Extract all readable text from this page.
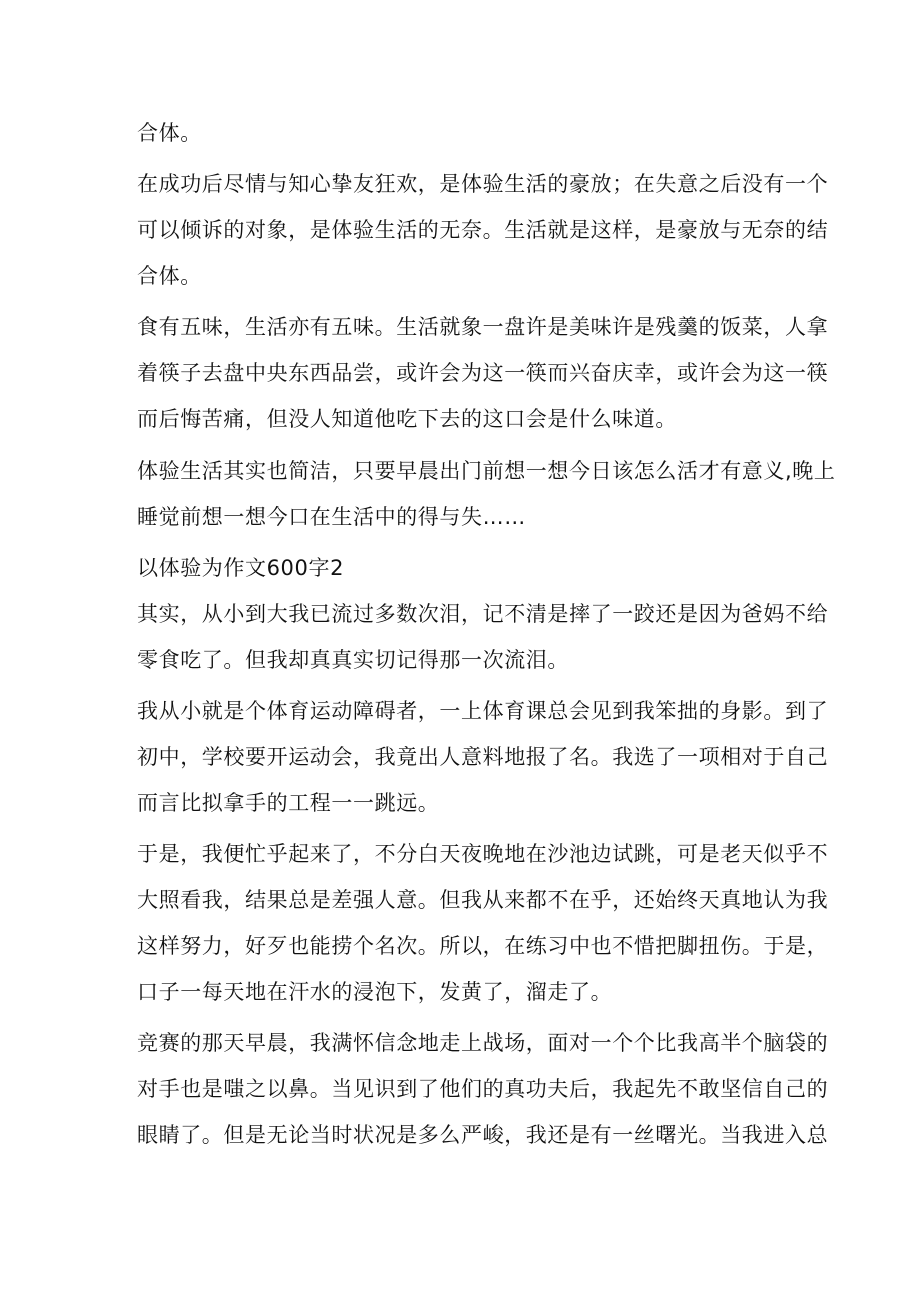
合体。
在成功后尽情与知心挚友狂欢，是体验生活的豪放；在失意之后没有一个
可以倾诉的对象，是体验生活的无奈。生活就是这样，是豪放与无奈的结
合体。
食有五味，生活亦有五味。生活就象一盘许是美味许是残羹的饭菜，人拿
着筷子去盘中央东西品尝，或许会为这一筷而兴奋庆幸，或许会为这一筷
而后悔苦痛，但没人知道他吃下去的这口会是什么味道。
体验生活其实也简洁，只要早晨出门前想一想今日该怎么活才有意义,晚上
睡觉前想一想今口在生活中的得与失……
以体验为作文600字2
其实，从小到大我已流过多数次泪，记不清是摔了一跤还是因为爸妈不给
零食吃了。但我却真真实切记得那一次流泪。
我从小就是个体育运动障碍者，一上体育课总会见到我笨拙的身影。到了
初中，学校要开运动会，我竟出人意料地报了名。我选了一项相对于自己
而言比拟拿手的工程一一跳远。
于是，我便忙乎起来了，不分白天夜晚地在沙池边试跳，可是老天似乎不
大照看我，结果总是差强人意。但我从来都不在乎，还始终天真地认为我
这样努力，好歹也能捞个名次。所以，在练习中也不惜把脚扭伤。于是，
口子一每天地在汗水的浸泡下，发黄了，溜走了。
竞赛的那天早晨，我满怀信念地走上战场，面对一个个比我高半个脑袋的
对手也是嗤之以鼻。当见识到了他们的真功夫后，我起先不敢坚信自己的
眼睛了。但是无论当时状况是多么严峻，我还是有一丝曙光。当我进入总
